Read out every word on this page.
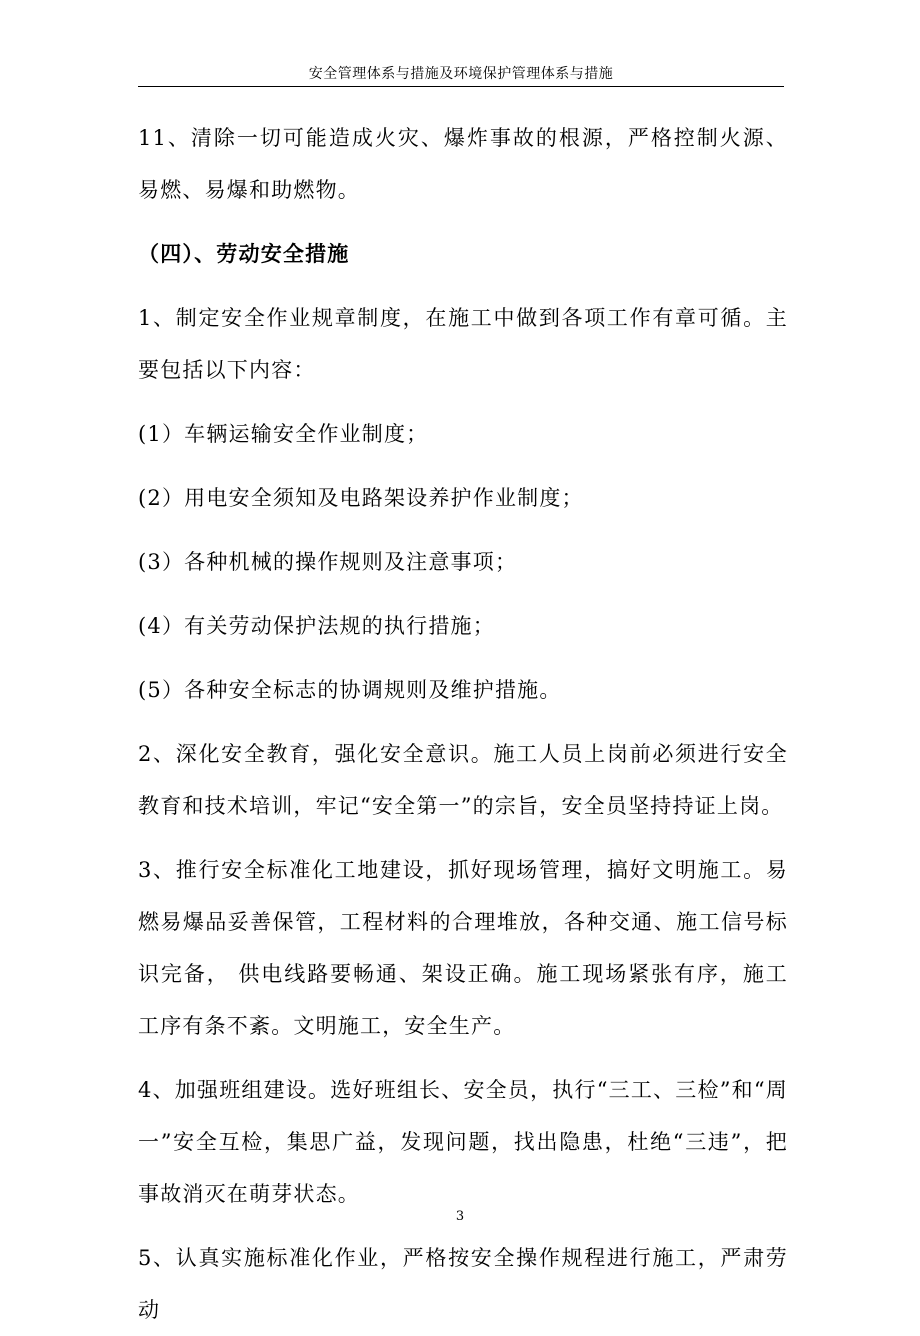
安全管理体系与措施及环境保护管理体系与措施

11、清除一切可能造成火灾、爆炸事故的根源，严格控制火源、易燃、易爆和助燃物。

（四）、劳动安全措施

1、制定安全作业规章制度，在施工中做到各项工作有章可循。主要包括以下内容：

(1）车辆运输安全作业制度；

(2）用电安全须知及电路架设养护作业制度；

(3）各种机械的操作规则及注意事项；

(4）有关劳动保护法规的执行措施；

(5）各种安全标志的协调规则及维护措施。

2、深化安全教育，强化安全意识。施工人员上岗前必须进行安全教育和技术培训，牢记“安全第一”的宗旨，安全员坚持持证上岗。

3、推行安全标准化工地建设，抓好现场管理，搞好文明施工。易燃易爆品妥善保管，工程材料的合理堆放，各种交通、施工信号标识完备， 供电线路要畅通、架设正确。施工现场紧张有序，施工工序有条不紊。文明施工，安全生产。

4、加强班组建设。选好班组长、安全员，执行“三工、三检”和“周一”安全互检，集思广益，发现问题，找出隐患，杜绝“三违”，把事故消灭在萌芽状态。

5、认真实施标准化作业，严格按安全操作规程进行施工，严肃劳动

3
